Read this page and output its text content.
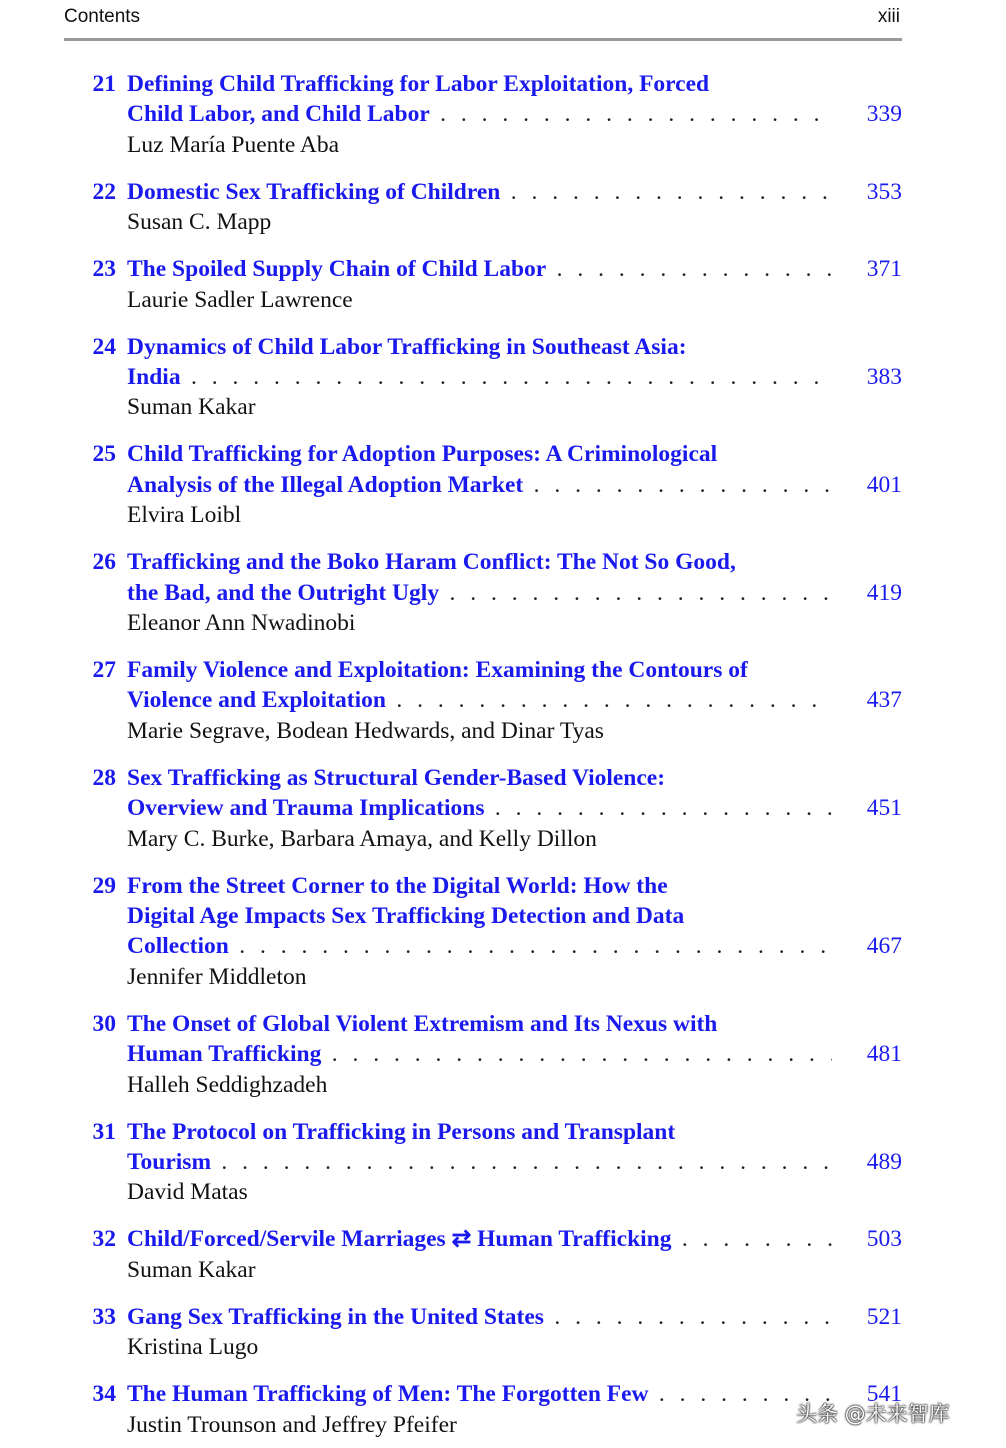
Contents	xiii
21 Defining Child Trafficking for Labor Exploitation, Forced
Child Labor, and Child Labor . . .	339
Luz María Puente Aba
22 Domestic Sex Trafficking of Children . . .	353
Susan C. Mapp
23 The Spoiled Supply Chain of Child Labor . . .	371
Laurie Sadler Lawrence
24 Dynamics of Child Labor Trafficking in Southeast Asia:
India . . .	383
Suman Kakar
25 Child Trafficking for Adoption Purposes: A Criminological
Analysis of the Illegal Adoption Market . . .	401
Elvira Loibl
26 Trafficking and the Boko Haram Conflict: The Not So Good,
the Bad, and the Outright Ugly . . .	419
Eleanor Ann Nwadinobi
27 Family Violence and Exploitation: Examining the Contours of
Violence and Exploitation . . .	437
Marie Segrave, Bodean Hedwards, and Dinar Tyas
28 Sex Trafficking as Structural Gender-Based Violence:
Overview and Trauma Implications . . .	451
Mary C. Burke, Barbara Amaya, and Kelly Dillon
29 From the Street Corner to the Digital World: How the
Digital Age Impacts Sex Trafficking Detection and Data
Collection . . .	467
Jennifer Middleton
30 The Onset of Global Violent Extremism and Its Nexus with
Human Trafficking . . .	481
Halleh Seddighzadeh
31 The Protocol on Trafficking in Persons and Transplant
Tourism . . .	489
David Matas
32 Child/Forced/Servile Marriages ⇄ Human Trafficking . . .	503
Suman Kakar
33 Gang Sex Trafficking in the United States . . .	521
Kristina Lugo
34 The Human Trafficking of Men: The Forgotten Few . . .	541
Justin Trounson and Jeffrey Pfeifer	头条 @未来智库
